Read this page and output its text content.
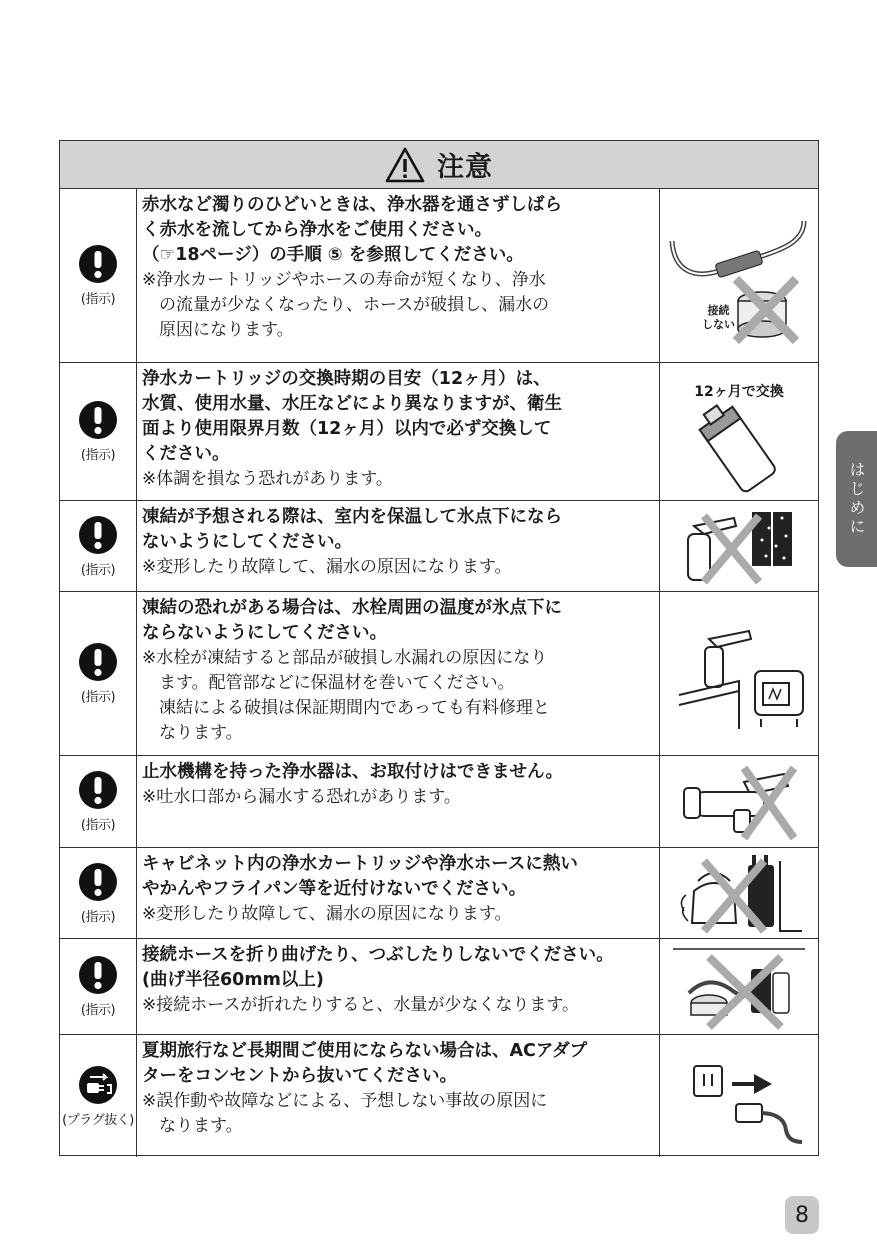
注意
(指示)
赤水など濁りのひどいときは、浄水器を通さずしばら
く赤水を流してから浄水をご使用ください。
（☞18ページ）の手順 ⑤ を参照してください。
※浄水カートリッジやホースの寿命が短くなり、浄水
　の流量が少なくなったり、ホースが破損し、漏水の
　原因になります。
接続
しない
(指示)
浄水カートリッジの交換時期の目安（12ヶ月）は、
水質、使用水量、水圧などにより異なりますが、衛生
面より使用限界月数（12ヶ月）以内で必ず交換して
ください。
※体調を損なう恐れがあります。
12ヶ月で交換
(指示)
凍結が予想される際は、室内を保温して氷点下になら
ないようにしてください。
※変形したり故障して、漏水の原因になります。
(指示)
凍結の恐れがある場合は、水栓周囲の温度が氷点下に
ならないようにしてください。
※水栓が凍結すると部品が破損し水漏れの原因になり
　ます。配管部などに保温材を巻いてください。
　凍結による破損は保証期間内であっても有料修理と
　なります。
(指示)
止水機構を持った浄水器は、お取付けはできません。
※吐水口部から漏水する恐れがあります。
(指示)
キャビネット内の浄水カートリッジや浄水ホースに熱い
やかんやフライパン等を近付けないでください。
※変形したり故障して、漏水の原因になります。
(指示)
接続ホースを折り曲げたり、つぶしたりしないでください。
(曲げ半径60mm以上)
※接続ホースが折れたりすると、水量が少なくなります。
(プラグ抜く)
夏期旅行など長期間ご使用にならない場合は、ACアダプ
ターをコンセントから抜いてください。
※誤作動や故障などによる、予想しない事故の原因に
　なります。
はじめに
8
